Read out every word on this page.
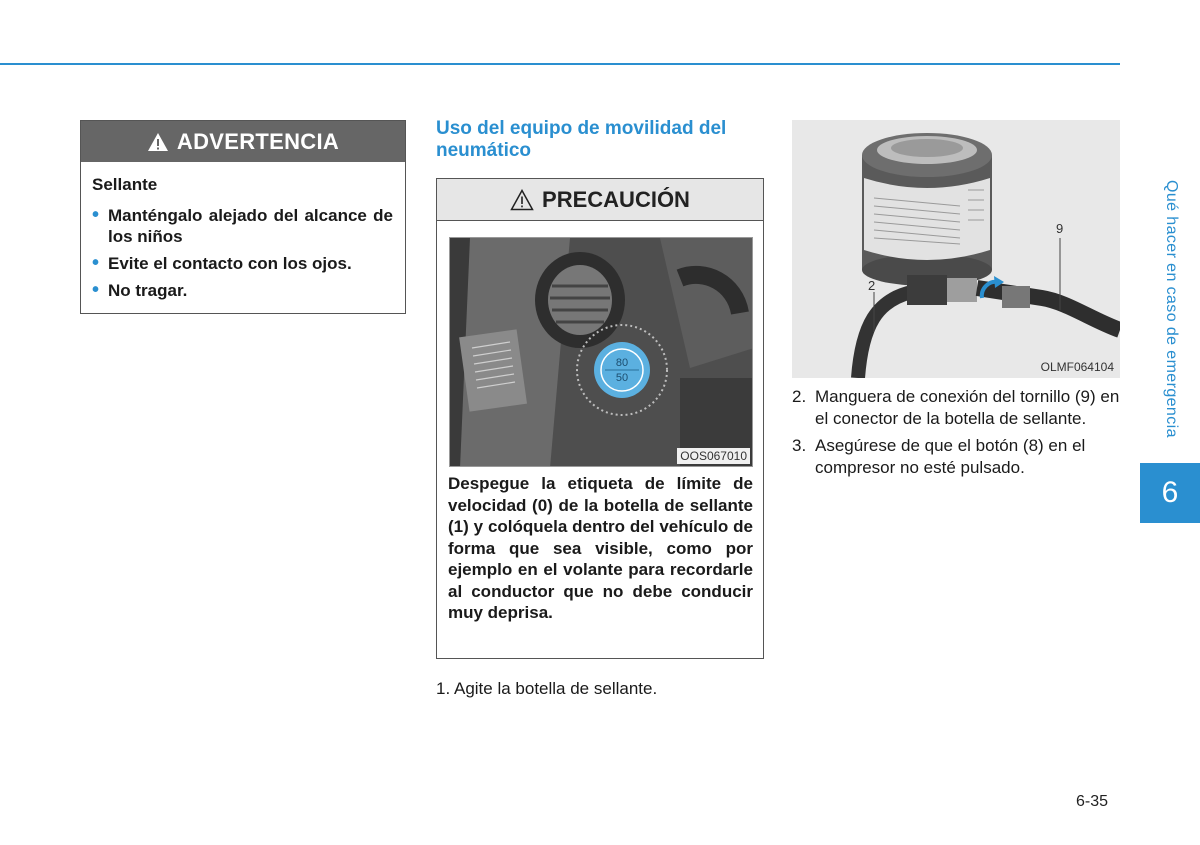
ADVERTENCIA
Sellante
• Manténgalo alejado del alcance de los niños
• Evite el contacto con los ojos.
• No tragar.
Uso del equipo de movilidad del neumático
PRECAUCIÓN
80
50
OOS067010
Despegue la etiqueta de límite de velocidad (0) de la botella de sellante (1) y colóquela dentro del vehículo de forma que sea visible, como por ejemplo en el volante para recordarle al conductor que no debe conducir muy deprisa.
1. Agite la botella de sellante.
2
9
OLMF064104
2. Manguera de conexión del tornillo (9) en el conector de la botella de sellante.
3. Asegúrese de que el botón (8) en el compresor no esté pulsado.
Qué hacer en caso de emergencia
6
6-35
